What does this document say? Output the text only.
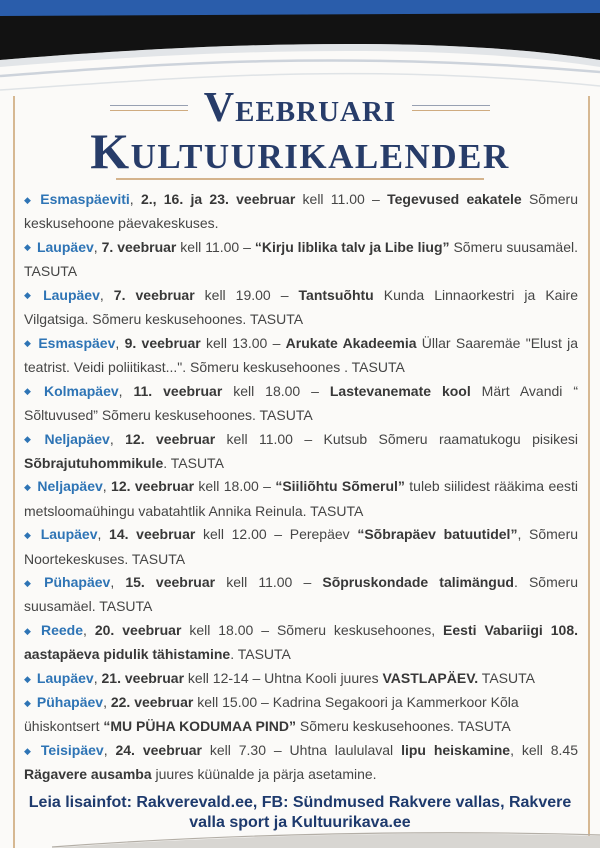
Veebruari
Kultuurikalender

◆ Esmaspäeviti, 2., 16. ja 23. veebruar kell 11.00 – Tegevused eakatele Sõmeru keskusehoone päevakeskuses.

◆ Laupäev, 7. veebruar kell 11.00 – “Kirju liblika talv ja Libe liug” Sõmeru suusamäel. TASUTA

◆ Laupäev, 7. veebruar kell 19.00 – Tantsuõhtu Kunda Linnaorkestri ja Kaire Vilgatsiga. Sõmeru keskusehoones. TASUTA

◆ Esmaspäev, 9. veebruar kell 13.00 – Arukate Akadeemia Üllar Saaremäe "Elust ja teatrist. Veidi poliitikast...". Sõmeru keskusehoones . TASUTA

◆ Kolmapäev, 11. veebruar kell 18.00 – Lastevanemate kool Märt Avandi “ Sõltuvused” Sõmeru keskusehoones. TASUTA

◆ Neljapäev, 12. veebruar kell 11.00 – Kutsub Sõmeru raamatukogu pisikesi Sõbrajutuhommikule. TASUTA

◆ Neljapäev, 12. veebruar kell 18.00 – “Siiliõhtu Sõmerul” tuleb siilidest rääkima eesti metsloomaühingu vabatahtlik Annika Reinula. TASUTA

◆ Laupäev, 14. veebruar kell 12.00 – Perepäev “Sõbrapäev batuutidel”, Sõmeru Noortekeskuses. TASUTA

◆ Pühapäev, 15. veebruar kell 11.00 – Sõpruskondade talimängud. Sõmeru suusamäel. TASUTA

◆ Reede, 20. veebruar kell 18.00 – Sõmeru keskusehoones, Eesti Vabariigi 108. aastapäeva pidulik tähistamine. TASUTA

◆ Laupäev, 21. veebruar kell 12-14 – Uhtna Kooli juures VASTLAPÄEV. TASUTA

◆ Pühapäev, 22. veebruar kell 15.00 – Kadrina Segakoori ja Kammerkoor Kõla
ühiskontsert “MU PÜHA KODUMAA PIND” Sõmeru keskusehoones. TASUTA

◆ Teisipäev, 24. veebruar kell 7.30 – Uhtna laululaval lipu heiskamine, kell 8.45 Rägavere ausamba juures küünalde ja pärja asetamine.

Leia lisainfot: Rakverevald.ee, FB: Sündmused Rakvere vallas, Rakvere
valla sport ja Kultuurikava.ee
